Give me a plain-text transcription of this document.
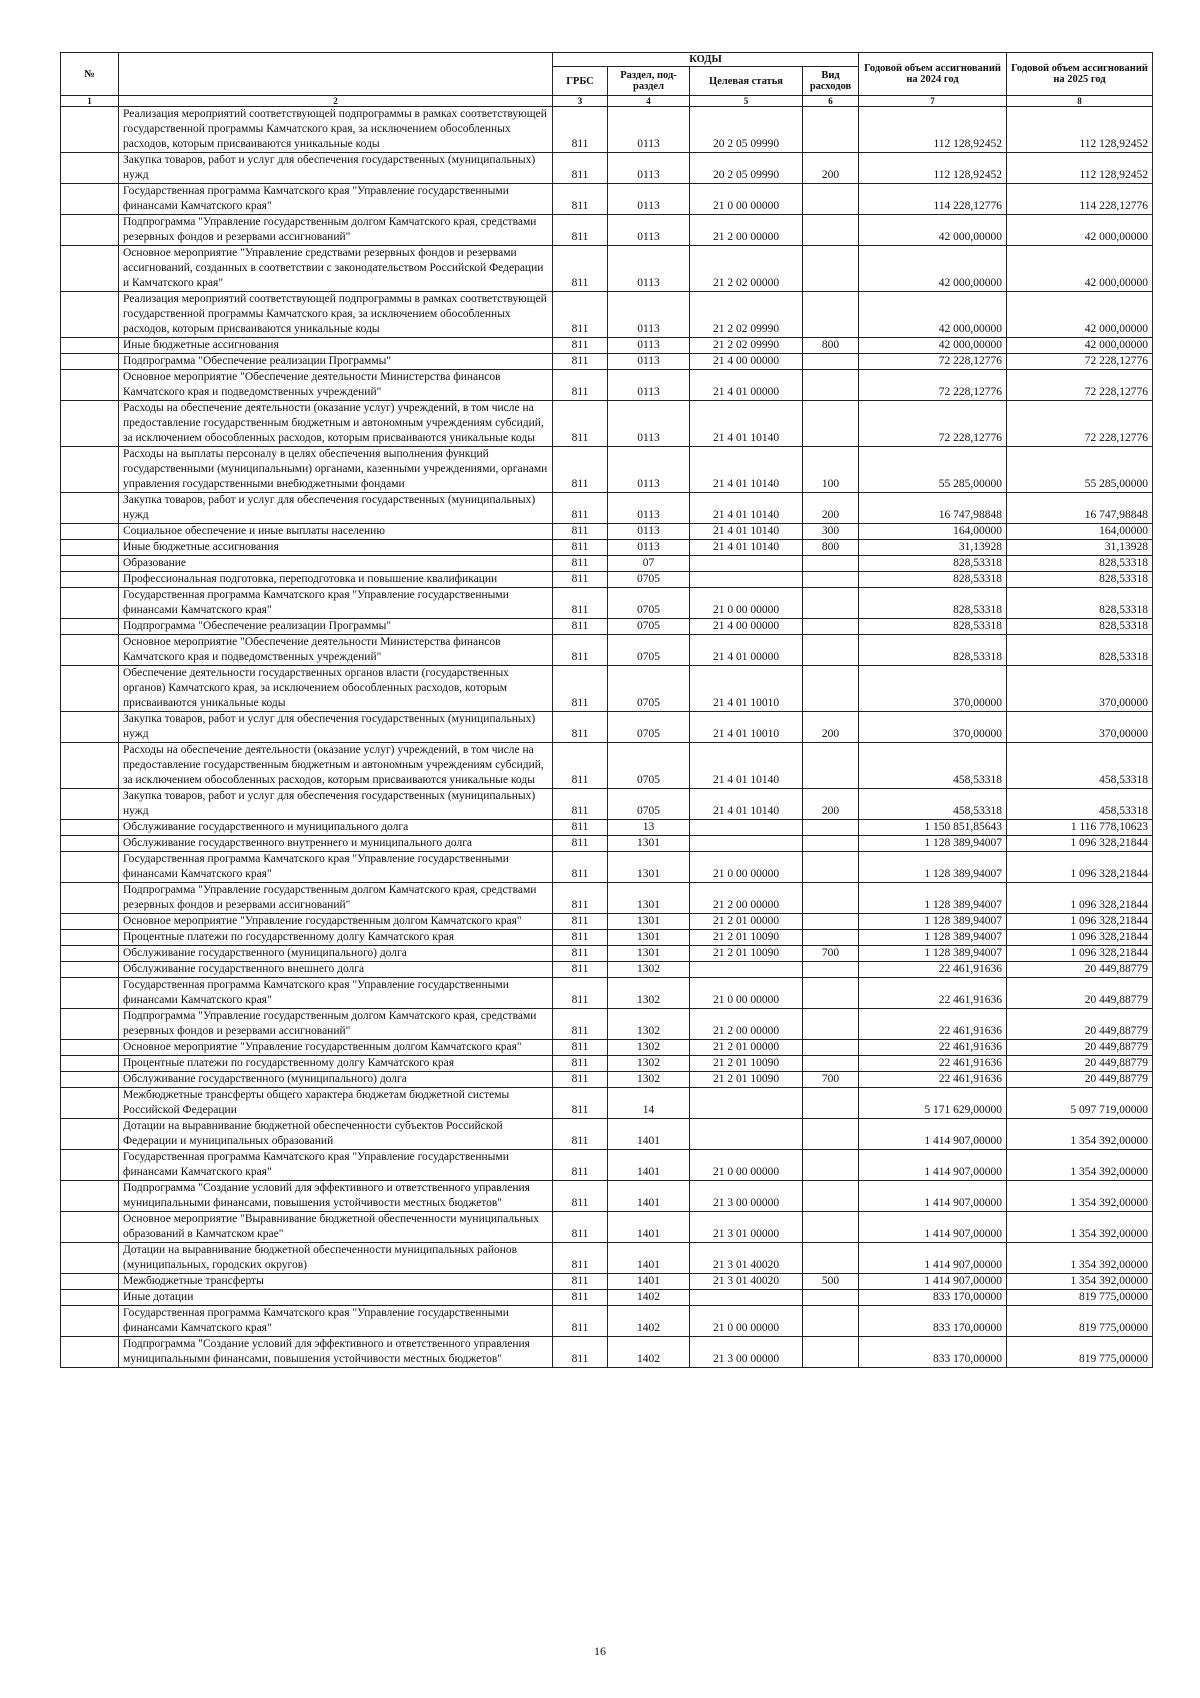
№		КОДЫ				Годовой объем ассигнований на 2024 год	Годовой объем ассигнований на 2025 год
		ГРБС	Раздел, под-раздел	Целевая статья	Вид расходов		
1	2	3	4	5	6	7	8
	Реализация мероприятий соответствующей подпрограммы в рамках соответствующей государственной программы Камчатского края, за исключением обособленных расходов, которым присваиваются уникальные коды	811	0113	20 2 05 09990		112 128,92452	112 128,92452
	Закупка товаров, работ и услуг для обеспечения государственных (муниципальных) нужд	811	0113	20 2 05 09990	200	112 128,92452	112 128,92452
	Государственная программа Камчатского края "Управление государственными финансами Камчатского края"	811	0113	21 0 00 00000		114 228,12776	114 228,12776
	Подпрограмма "Управление государственным долгом Камчатского края, средствами резервных фондов и резервами ассигнований"	811	0113	21 2 00 00000		42 000,00000	42 000,00000
	Основное мероприятие "Управление средствами резервных фондов и резервами ассигнований, созданных в соответствии с законодательством Российской Федерации и Камчатского края"	811	0113	21 2 02 00000		42 000,00000	42 000,00000
	Реализация мероприятий соответствующей подпрограммы в рамках соответствующей государственной программы Камчатского края, за исключением обособленных расходов, которым присваиваются уникальные коды	811	0113	21 2 02 09990		42 000,00000	42 000,00000
	Иные бюджетные ассигнования	811	0113	21 2 02 09990	800	42 000,00000	42 000,00000
	Подпрограмма "Обеспечение реализации Программы"	811	0113	21 4 00 00000		72 228,12776	72 228,12776
	Основное мероприятие "Обеспечение деятельности Министерства финансов Камчатского края и подведомственных учреждений"	811	0113	21 4 01 00000		72 228,12776	72 228,12776
	Расходы на обеспечение деятельности (оказание услуг) учреждений, в том числе на предоставление государственным бюджетным и автономным учреждениям субсидий, за исключением обособленных расходов, которым присваиваются уникальные коды	811	0113	21 4 01 10140		72 228,12776	72 228,12776
	Расходы на выплаты персоналу в целях обеспечения выполнения функций государственными (муниципальными) органами, казенными учреждениями, органами управления государственными внебюджетными фондами	811	0113	21 4 01 10140	100	55 285,00000	55 285,00000
	Закупка товаров, работ и услуг для обеспечения государственных (муниципальных) нужд	811	0113	21 4 01 10140	200	16 747,98848	16 747,98848
	Социальное обеспечение и иные выплаты населению	811	0113	21 4 01 10140	300	164,00000	164,00000
	Иные бюджетные ассигнования	811	0113	21 4 01 10140	800	31,13928	31,13928
	Образование	811	07			828,53318	828,53318
	Профессиональная подготовка, переподготовка и повышение квалификации	811	0705			828,53318	828,53318
	Государственная программа Камчатского края "Управление государственными финансами Камчатского края"	811	0705	21 0 00 00000		828,53318	828,53318
	Подпрограмма "Обеспечение реализации Программы"	811	0705	21 4 00 00000		828,53318	828,53318
	Основное мероприятие "Обеспечение деятельности Министерства финансов Камчатского края и подведомственных учреждений"	811	0705	21 4 01 00000		828,53318	828,53318
	Обеспечение деятельности государственных органов власти (государственных органов) Камчатского края, за исключением обособленных расходов, которым присваиваются уникальные коды	811	0705	21 4 01 10010		370,00000	370,00000
	Закупка товаров, работ и услуг для обеспечения государственных (муниципальных) нужд	811	0705	21 4 01 10010	200	370,00000	370,00000
	Расходы на обеспечение деятельности (оказание услуг) учреждений, в том числе на предоставление государственным бюджетным и автономным учреждениям субсидий, за исключением обособленных расходов, которым присваиваются уникальные коды	811	0705	21 4 01 10140		458,53318	458,53318
	Закупка товаров, работ и услуг для обеспечения государственных (муниципальных) нужд	811	0705	21 4 01 10140	200	458,53318	458,53318
	Обслуживание государственного и муниципального долга	811	13			1 150 851,85643	1 116 778,10623
	Обслуживание государственного внутреннего и муниципального долга	811	1301			1 128 389,94007	1 096 328,21844
	Государственная программа Камчатского края "Управление государственными финансами Камчатского края"	811	1301	21 0 00 00000		1 128 389,94007	1 096 328,21844
	Подпрограмма "Управление государственным долгом Камчатского края, средствами резервных фондов и резервами ассигнований"	811	1301	21 2 00 00000		1 128 389,94007	1 096 328,21844
	Основное мероприятие "Управление государственным долгом Камчатского края"	811	1301	21 2 01 00000		1 128 389,94007	1 096 328,21844
	Процентные платежи по государственному долгу Камчатского края	811	1301	21 2 01 10090		1 128 389,94007	1 096 328,21844
	Обслуживание государственного (муниципального) долга	811	1301	21 2 01 10090	700	1 128 389,94007	1 096 328,21844
	Обслуживание государственного внешнего долга	811	1302			22 461,91636	20 449,88779
	Государственная программа Камчатского края "Управление государственными финансами Камчатского края"	811	1302	21 0 00 00000		22 461,91636	20 449,88779
	Подпрограмма "Управление государственным долгом Камчатского края, средствами резервных фондов и резервами ассигнований"	811	1302	21 2 00 00000		22 461,91636	20 449,88779
	Основное мероприятие "Управление государственным долгом Камчатского края"	811	1302	21 2 01 00000		22 461,91636	20 449,88779
	Процентные платежи по государственному долгу Камчатского края	811	1302	21 2 01 10090		22 461,91636	20 449,88779
	Обслуживание государственного (муниципального) долга	811	1302	21 2 01 10090	700	22 461,91636	20 449,88779
	Межбюджетные трансферты общего характера бюджетам бюджетной системы Российской Федерации	811	14			5 171 629,00000	5 097 719,00000
	Дотации на выравнивание бюджетной обеспеченности субъектов Российской Федерации и муниципальных образований	811	1401			1 414 907,00000	1 354 392,00000
	Государственная программа Камчатского края "Управление государственными финансами Камчатского края"	811	1401	21 0 00 00000		1 414 907,00000	1 354 392,00000
	Подпрограмма "Создание условий для эффективного и ответственного управления муниципальными финансами, повышения устойчивости местных бюджетов"	811	1401	21 3 00 00000		1 414 907,00000	1 354 392,00000
	Основное мероприятие "Выравнивание бюджетной обеспеченности муниципальных образований в Камчатском крае"	811	1401	21 3 01 00000		1 414 907,00000	1 354 392,00000
	Дотации на выравнивание бюджетной обеспеченности муниципальных районов (муниципальных, городских округов)	811	1401	21 3 01 40020		1 414 907,00000	1 354 392,00000
	Межбюджетные трансферты	811	1401	21 3 01 40020	500	1 414 907,00000	1 354 392,00000
	Иные дотации	811	1402			833 170,00000	819 775,00000
	Государственная программа Камчатского края "Управление государственными финансами Камчатского края"	811	1402	21 0 00 00000		833 170,00000	819 775,00000
	Подпрограмма "Создание условий для эффективного и ответственного управления муниципальными финансами, повышения устойчивости местных бюджетов"	811	1402	21 3 00 00000		833 170,00000	819 775,00000
16
